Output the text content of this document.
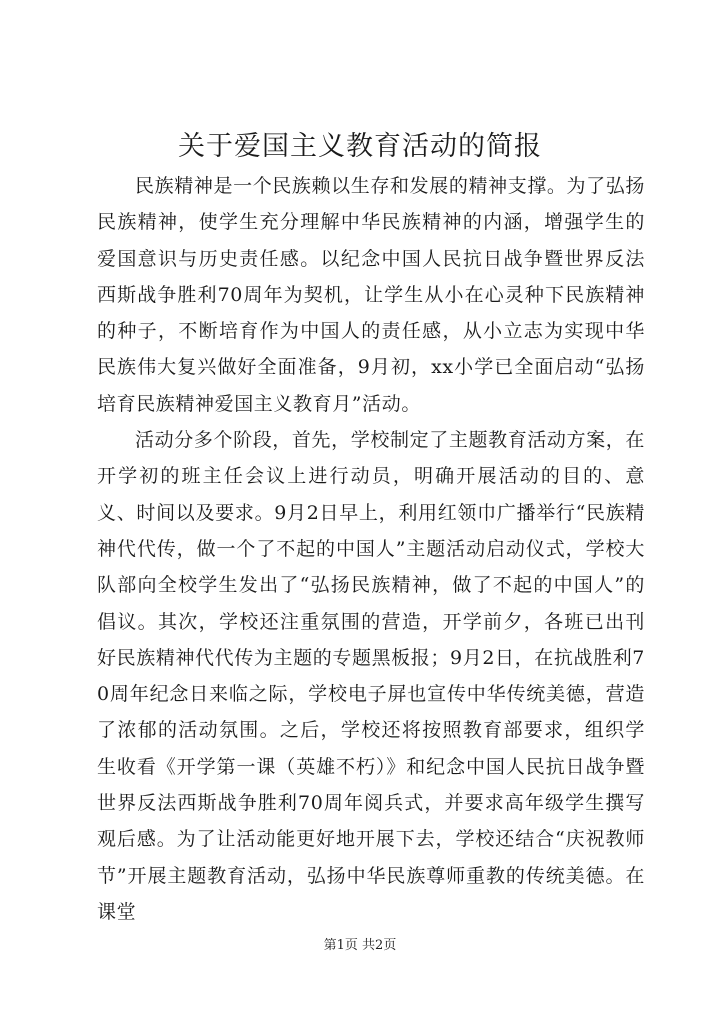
关于爱国主义教育活动的简报

民族精神是一个民族赖以生存和发展的精神支撑。为了弘扬民族精神，使学生充分理解中华民族精神的内涵，增强学生的爱国意识与历史责任感。以纪念中国人民抗日战争暨世界反法西斯战争胜利70周年为契机，让学生从小在心灵种下民族精神的种子，不断培育作为中国人的责任感，从小立志为实现中华民族伟大复兴做好全面准备，9月初，xx小学已全面启动“弘扬培育民族精神爱国主义教育月”活动。

活动分多个阶段，首先，学校制定了主题教育活动方案，在开学初的班主任会议上进行动员，明确开展活动的目的、意义、时间以及要求。9月2日早上，利用红领巾广播举行“民族精神代代传，做一个了不起的中国人”主题活动启动仪式，学校大队部向全校学生发出了“弘扬民族精神，做了不起的中国人”的倡议。其次，学校还注重氛围的营造，开学前夕，各班已出刊好民族精神代代传为主题的专题黑板报；9月2日，在抗战胜利70周年纪念日来临之际，学校电子屏也宣传中华传统美德，营造了浓郁的活动氛围。之后，学校还将按照教育部要求，组织学生收看《开学第一课（英雄不朽）》和纪念中国人民抗日战争暨世界反法西斯战争胜利70周年阅兵式，并要求高年级学生撰写观后感。为了让活动能更好地开展下去，学校还结合“庆祝教师节”开展主题教育活动，弘扬中华民族尊师重教的传统美德。在课堂

第1页 共2页
